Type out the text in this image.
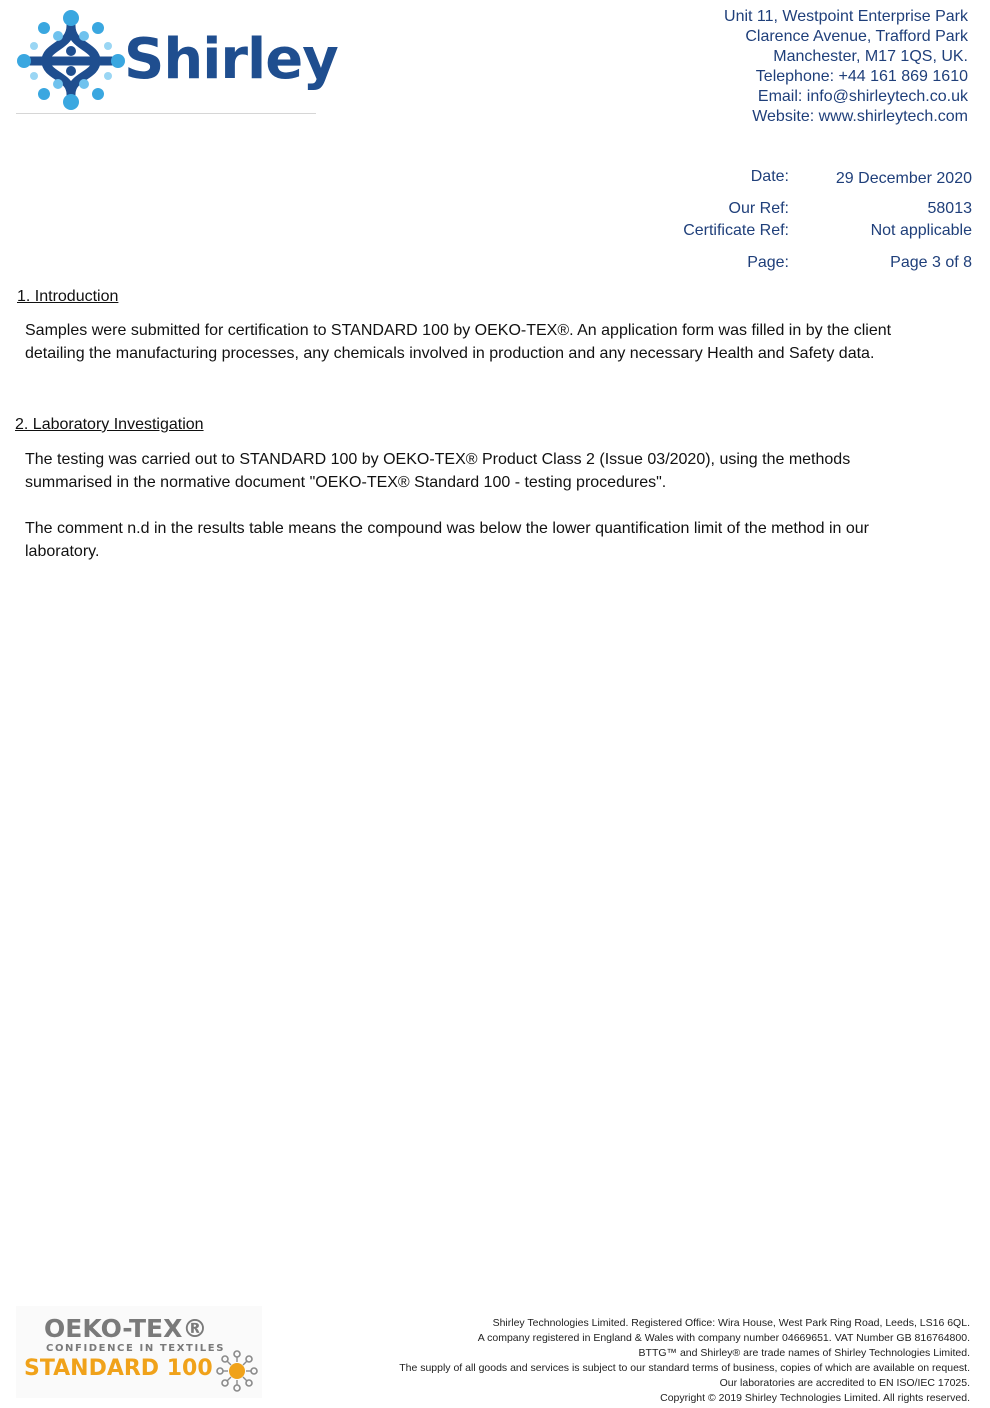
Shirley
Unit 11, Westpoint Enterprise Park
Clarence Avenue, Trafford Park
Manchester, M17 1QS, UK.
Telephone: +44 161 869 1610
Email: info@shirleytech.co.uk
Website: www.shirleytech.com
Date:	29 December 2020
Our Ref:	58013
Certificate Ref:	Not applicable
Page:	Page 3 of 8
1. Introduction
Samples were submitted for certification to STANDARD 100 by OEKO-TEX®. An application form was filled in by the client detailing the manufacturing processes, any chemicals involved in production and any necessary Health and Safety data.
2. Laboratory Investigation
The testing was carried out to STANDARD 100 by OEKO-TEX® Product Class 2 (Issue 03/2020), using the methods summarised in the normative document "OEKO-TEX® Standard 100 - testing procedures".
The comment n.d in the results table means the compound was below the lower quantification limit of the method in our laboratory.
OEKO-TEX®
CONFIDENCE IN TEXTILES
STANDARD 100
Shirley Technologies Limited. Registered Office: Wira House, West Park Ring Road, Leeds, LS16 6QL.
A company registered in England & Wales with company number 04669651. VAT Number GB 816764800.
BTTG™ and Shirley® are trade names of Shirley Technologies Limited.
The supply of all goods and services is subject to our standard terms of business, copies of which are available on request.
Our laboratories are accredited to EN ISO/IEC 17025.
Copyright © 2019 Shirley Technologies Limited. All rights reserved.
